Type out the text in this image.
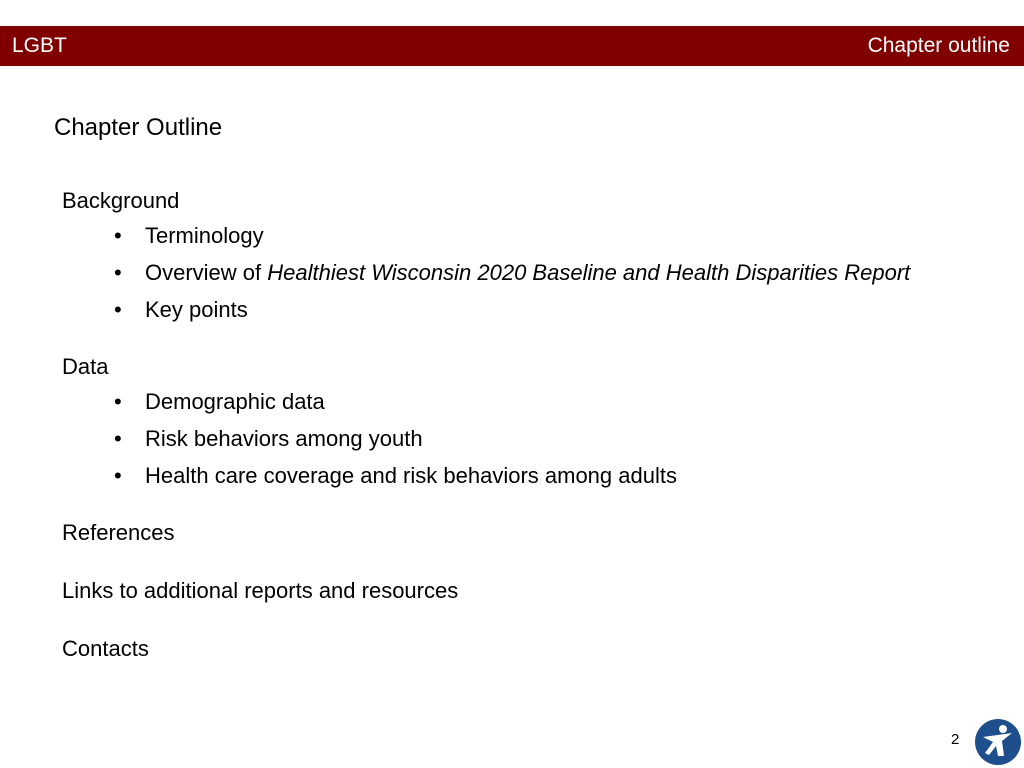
LGBT	Chapter outline
Chapter Outline
Background
• Terminology
• Overview of Healthiest Wisconsin 2020 Baseline and Health Disparities Report
• Key points
Data
• Demographic data
• Risk behaviors among youth
• Health care coverage and risk behaviors among adults
References
Links to additional reports and resources
Contacts
2
